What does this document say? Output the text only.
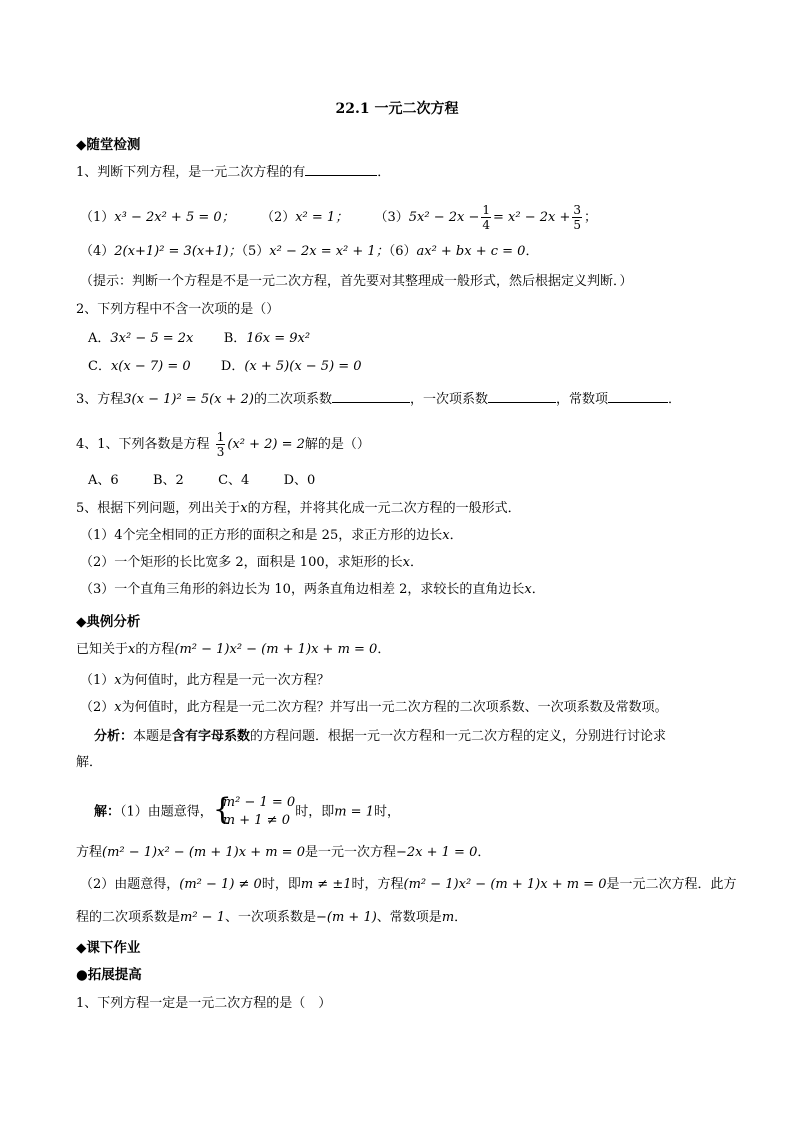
22.1 一元二次方程
◆随堂检测
1、判断下列方程，是一元二次方程的有	．
（1）x³ − 2x² + 5 = 0； （2）x² = 1； $(3)5x^2 - 2x - \frac{1}{4} = x^2 - 2x + \frac{3}{5}$ ；
（4）2(x+1)² = 3(x+1)；（5）x² − 2x = x² + 1；（6）ax² + bx + c = 0．
（提示：判断一个方程是不是一元二次方程，首先要对其整理成一般形式，然后根据定义判断．）
2、下列方程中不含一次项的是（）
A．3x² − 5 = 2x B．16x = 9x²
C．x(x − 7) = 0 D．(x + 5)(x − 5) = 0
3、方程3(x − 1)² = 5(x + 2)的二次项系数	，一次项系数	，常数项	．
4、1、下列各数是方程 $\frac{1}{3} (x^2 + 2) = 2$解的是（）
A、6	B、2	C、4	D、0
5、根据下列问题，列出关于x的方程，并将其化成一元二次方程的一般形式．
（1）4个完全相同的正方形的面积之和是 25，求正方形的边长x．
（2）一个矩形的长比宽多 2，面积是 100，求矩形的长x．
（3）一个直角三角形的斜边长为 10，两条直角边相差 2，求较长的直角边长x．
◆典例分析
已知关于x的方程(m² − 1)x² − (m + 1)x + m = 0．
（1）x为何值时，此方程是一元一次方程？
（2）x为何值时，此方程是一元二次方程？并写出一元二次方程的二次项系数、一次项系数及常数项。
分析：本题是含有字母系数的方程问题．根据一元一次方程和一元二次方程的定义，分别进行讨论求
解．
解：（1）由题意得， {
m² − 1 = 0
m + 1 ≠ 0
时，即m = 1时，
方程(m² − 1)x² − (m + 1)x + m = 0是一元一次方程−2x + 1 = 0．
（2）由题意得，(m² − 1) ≠ 0时，即m ≠ ±1时，方程(m² − 1)x² − (m + 1)x + m = 0是一元二次方程．此方
程的二次项系数是m² − 1、一次项系数是−(m + 1)、常数项是m．
◆课下作业
●拓展提高
1、下列方程一定是一元二次方程的是（　）
